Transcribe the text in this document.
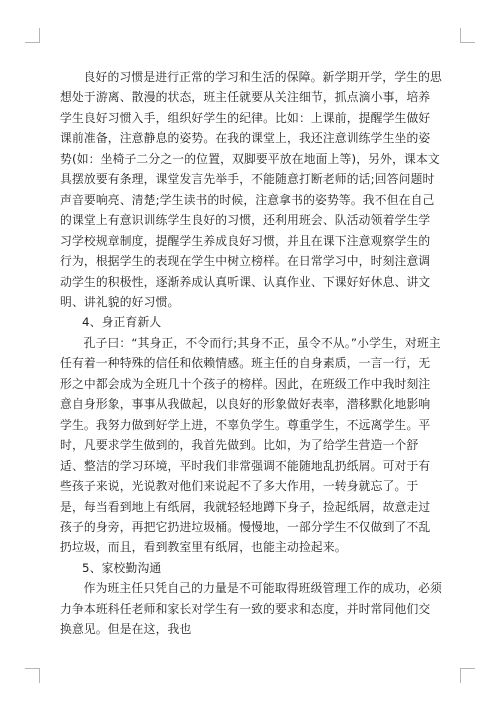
良好的习惯是进行正常的学习和生活的保障。新学期开学，学生的思想处于游离、散漫的状态，班主任就要从关注细节，抓点滴小事，培养学生良好习惯入手，组织好学生的纪律。比如：上课前，提醒学生做好课前准备，注意静息的姿势。在我的课堂上，我还注意训练学生坐的姿势(如：坐椅子二分之一的位置，双脚要平放在地面上等)，另外，课本文具摆放要有条理，课堂发言先举手，不能随意打断老师的话;回答问题时声音要响亮、清楚;学生读书的时候，注意拿书的姿势等。我不但在自己的课堂上有意识训练学生良好的习惯，还利用班会、队活动领着学生学习学校规章制度，提醒学生养成良好习惯，并且在课下注意观察学生的行为，根据学生的表现在学生中树立榜样。在日常学习中，时刻注意调动学生的积极性，逐渐养成认真听课、认真作业、下课好好休息、讲文明、讲礼貌的好习惯。

4、身正育新人

孔子曰：“其身正，不令而行;其身不正，虽令不从。”小学生，对班主任有着一种特殊的信任和依赖情感。班主任的自身素质，一言一行，无形之中都会成为全班几十个孩子的榜样。因此，在班级工作中我时刻注意自身形象，事事从我做起，以良好的形象做好表率，潜移默化地影响学生。我努力做到好学上进，不辜负学生。尊重学生，不远离学生。平时，凡要求学生做到的，我首先做到。比如，为了给学生营造一个舒适、整洁的学习环境，平时我们非常强调不能随地乱扔纸屑。可对于有些孩子来说，光说教对他们来说起不了多大作用，一转身就忘了。于是，每当看到地上有纸屑，我就轻轻地蹲下身子，捡起纸屑，故意走过孩子的身旁，再把它扔进垃圾桶。慢慢地，一部分学生不仅做到了不乱扔垃圾，而且，看到教室里有纸屑，也能主动捡起来。

5、家校勤沟通

作为班主任只凭自己的力量是不可能取得班级管理工作的成功，必须力争本班科任老师和家长对学生有一致的要求和态度，并时常同他们交换意见。但是在这，我也
